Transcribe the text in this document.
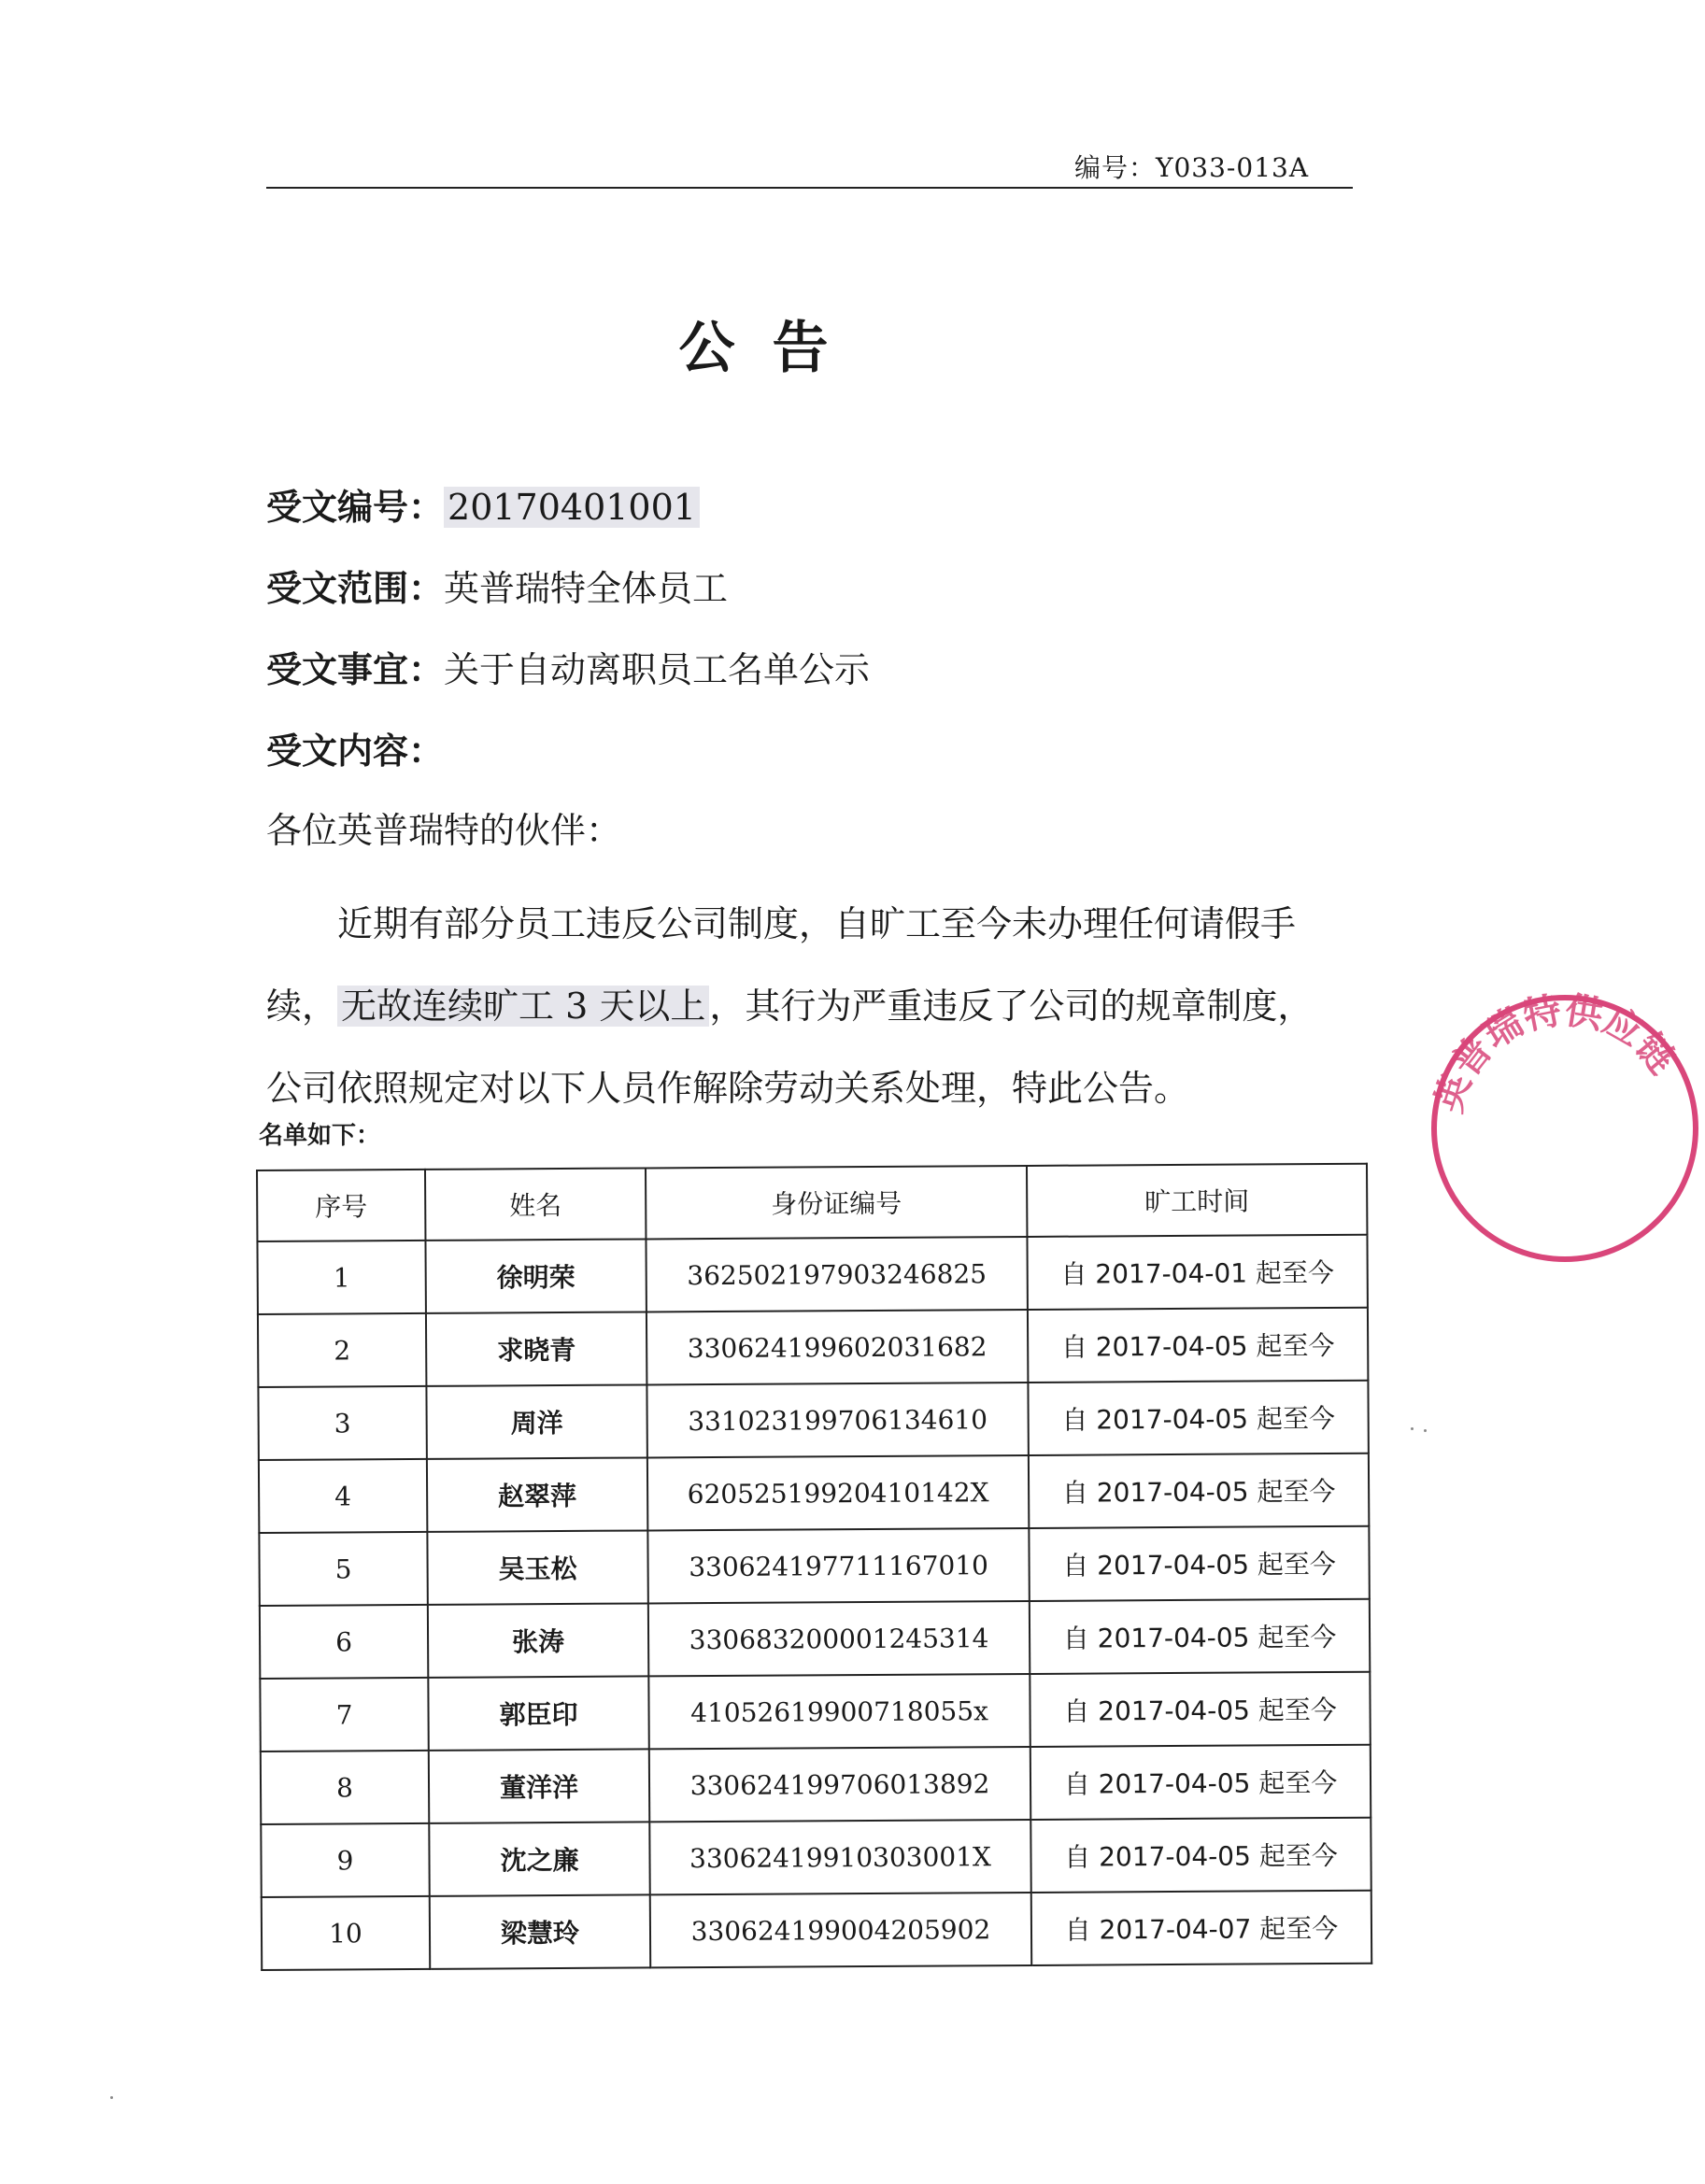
编号：Y033-013A
公告
受文编号： 20170401001
受文范围：英普瑞特全体员工
受文事宜：关于自动离职员工名单公示
受文内容：
各位英普瑞特的伙伴：

近期有部分员工违反公司制度，自旷工至今未办理任何请假手续， 无故连续旷工 3 天以上 ，其行为严重违反了公司的规章制度，公司依照规定对以下人员作解除劳动关系处理，特此公告。

名单如下：
序号	姓名	身份证编号	旷工时间
1	徐明荣	362502197903246825	自 2017-04-01 起至今
2	求晓青	330624199602031682	自 2017-04-05 起至今
3	周洋	331023199706134610	自 2017-04-05 起至今
4	赵翠萍	62052519920410142X	自 2017-04-05 起至今
5	吴玉松	330624197711167010	自 2017-04-05 起至今
6	张涛	330683200001245314	自 2017-04-05 起至今
7	郭臣印	41052619900718055x	自 2017-04-05 起至今
8	董洋洋	330624199706013892	自 2017-04-05 起至今
9	沈之廉	33062419910303001X	自 2017-04-05 起至今
10	梁慧玲	330624199004205902	自 2017-04-07 起至今
英普瑞特供应链
